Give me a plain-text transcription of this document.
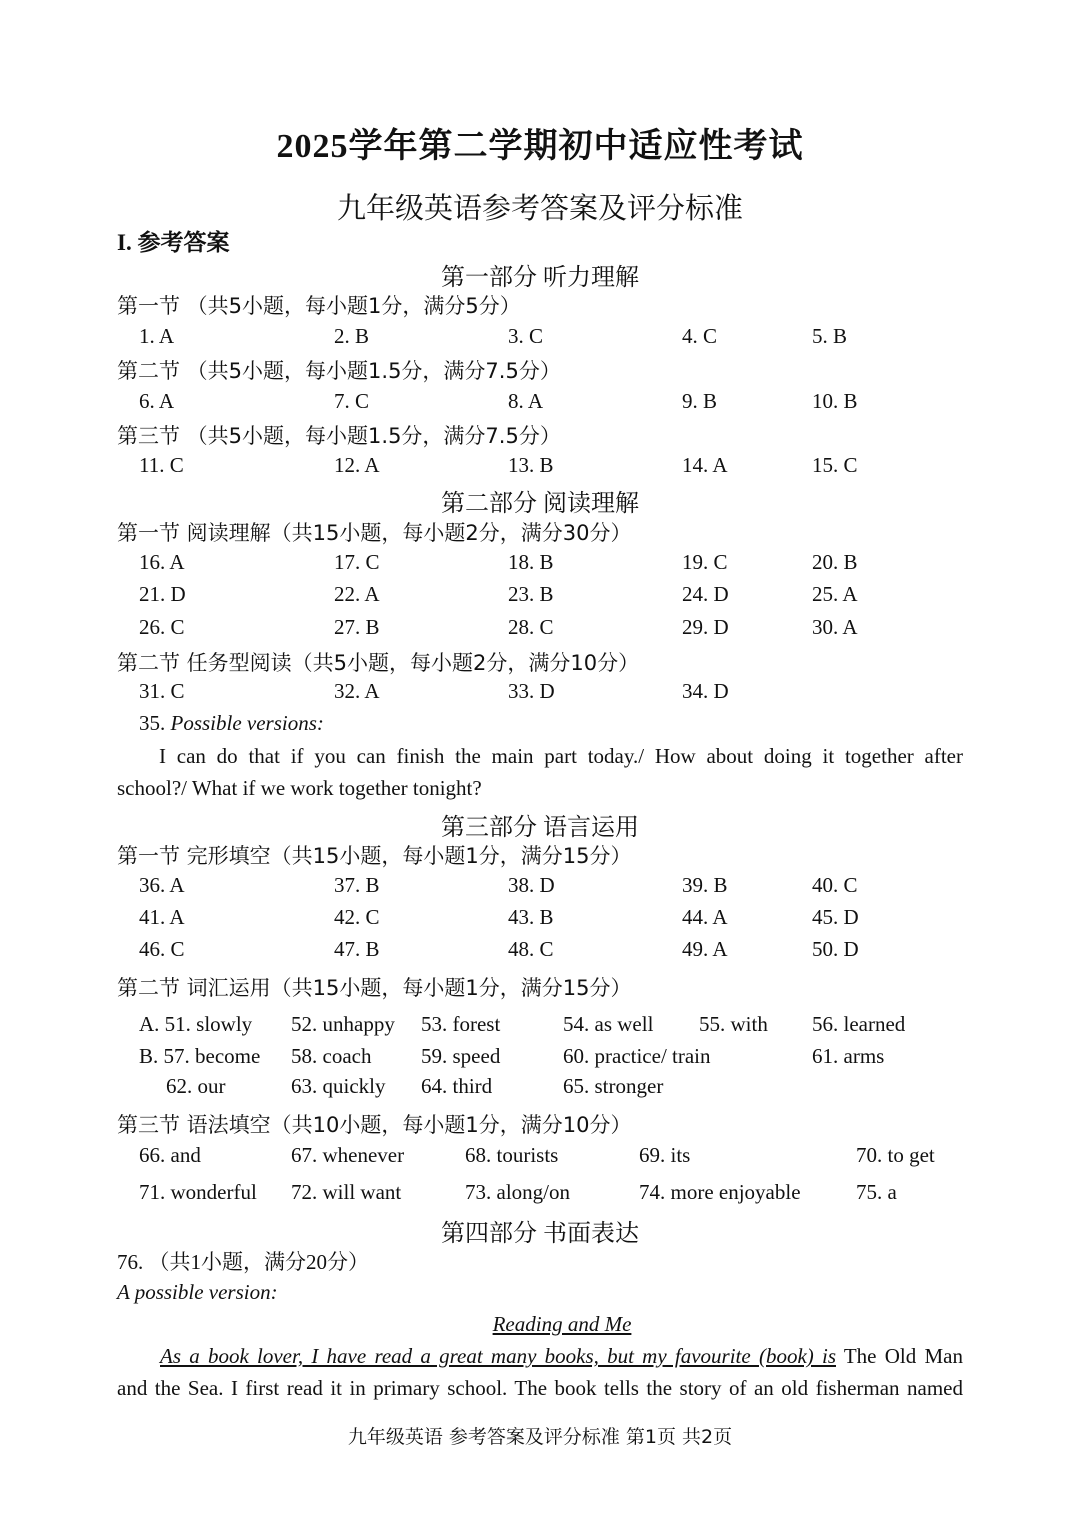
2025学年第二学期初中适应性考试
九年级英语参考答案及评分标准
I. 参考答案
第一部分 听力理解
第一节 （共5小题，每小题1分，满分5分）
1. A	2. B	3. C	4. C	5. B
第二节 （共5小题，每小题1.5分，满分7.5分）
6. A	7. C	8. A	9. B	10. B
第三节 （共5小题，每小题1.5分，满分7.5分）
11. C	12. A	13. B	14. A	15. C
第二部分 阅读理解
第一节 阅读理解（共15小题，每小题2分，满分30分）
16. A	17. C	18. B	19. C	20. B
21. D	22. A	23. B	24. D	25. A
26. C	27. B	28. C	29. D	30. A
第二节 任务型阅读（共5小题，每小题2分，满分10分）
31. C	32. A	33. D	34. D
35. Possible versions:
I can do that if you can finish the main part today./ How about doing it together after
school?/ What if we work together tonight?
第三部分 语言运用
第一节 完形填空（共15小题，每小题1分，满分15分）
36. A	37. B	38. D	39. B	40. C
41. A	42. C	43. B	44. A	45. D
46. C	47. B	48. C	49. A	50. D
第二节 词汇运用（共15小题，每小题1分，满分15分）
A. 51. slowly 52. unhappy 53. forest	54. as well 55. with 56. learned
B. 57. become 58. coach 59. speed	60. practice/ train	61. arms
62. our	63. quickly 64. third	65. stronger
第三节 语法填空（共10小题，每小题1分，满分10分）
66. and	67. whenever	68. tourists	69. its	70. to get
71. wonderful 72. will want	73. along/on	74. more enjoyable	75. a
第四部分 书面表达
76. （共1小题，满分20分）
A possible version:
Reading and Me
As a book lover, I have read a great many books, but my favourite (book) is The Old Man
and the Sea. I first read it in primary school. The book tells the story of an old fisherman named
九年级英语 参考答案及评分标准 第1页 共2页
